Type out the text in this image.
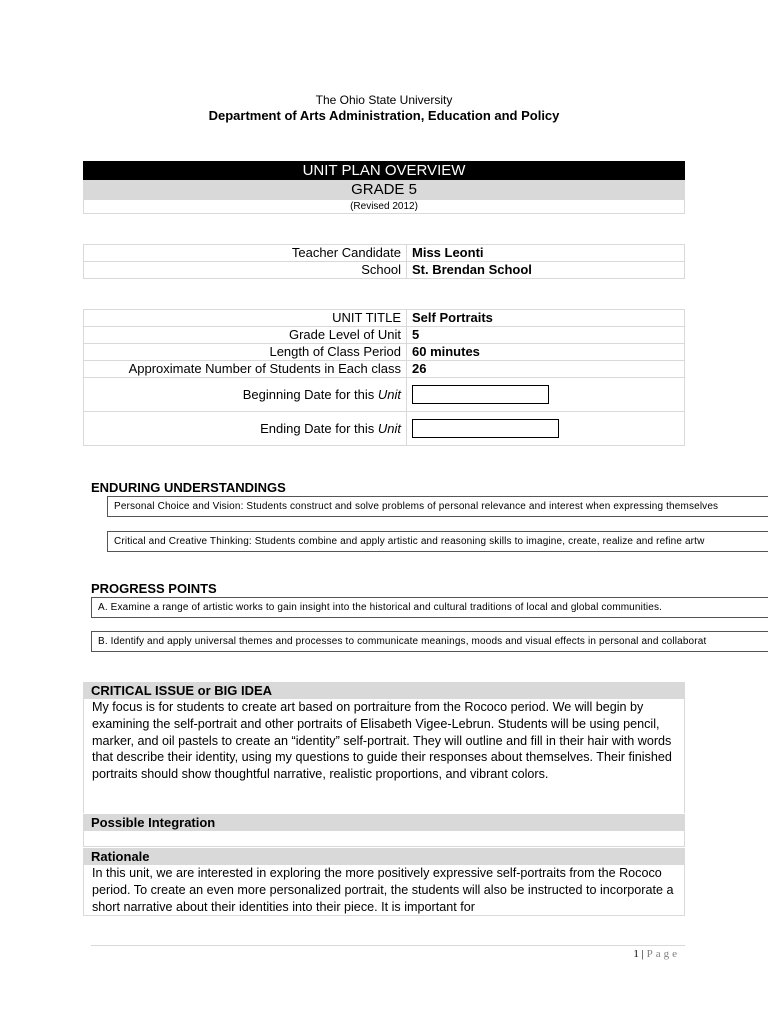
The Ohio State University
Department of Arts Administration, Education and Policy
UNIT PLAN OVERVIEW
GRADE 5
(Revised 2012)
Teacher Candidate	Miss Leonti
School	St. Brendan School
UNIT TITLE	Self Portraits
Grade Level of Unit	5
Length of Class Period	60 minutes
Approximate Number of Students in Each class	26
Beginning Date for this Unit	
Ending Date for this Unit	
ENDURING UNDERSTANDINGS
Personal Choice and Vision: Students construct and solve problems of personal relevance and interest when expressing themselves
Critical and Creative Thinking: Students combine and apply artistic and reasoning skills to imagine, create, realize and refine artw
PROGRESS POINTS
A. Examine a range of artistic works to gain insight into the historical and cultural traditions of local and global communities.
B. Identify and apply universal themes and processes to communicate meanings, moods and visual effects in personal and collaborat
CRITICAL ISSUE or BIG IDEA

My focus is for students to create art based on portraiture from the Rococo period. We will begin by examining the self-portrait and other portraits of Elisabeth Vigee-Lebrun. Students will be using pencil, marker, and oil pastels to create an “identity” self-portrait. They will outline and fill in their hair with words that describe their identity, using my questions to guide their responses about themselves. Their finished portraits should show thoughtful narrative, realistic proportions, and vibrant colors.

Possible Integration
Rationale

In this unit, we are interested in exploring the more positively expressive self-portraits from the Rococo period. To create an even more personalized portrait, the students will also be instructed to incorporate a short narrative about their identities into their piece. It is important for

1 | Page
